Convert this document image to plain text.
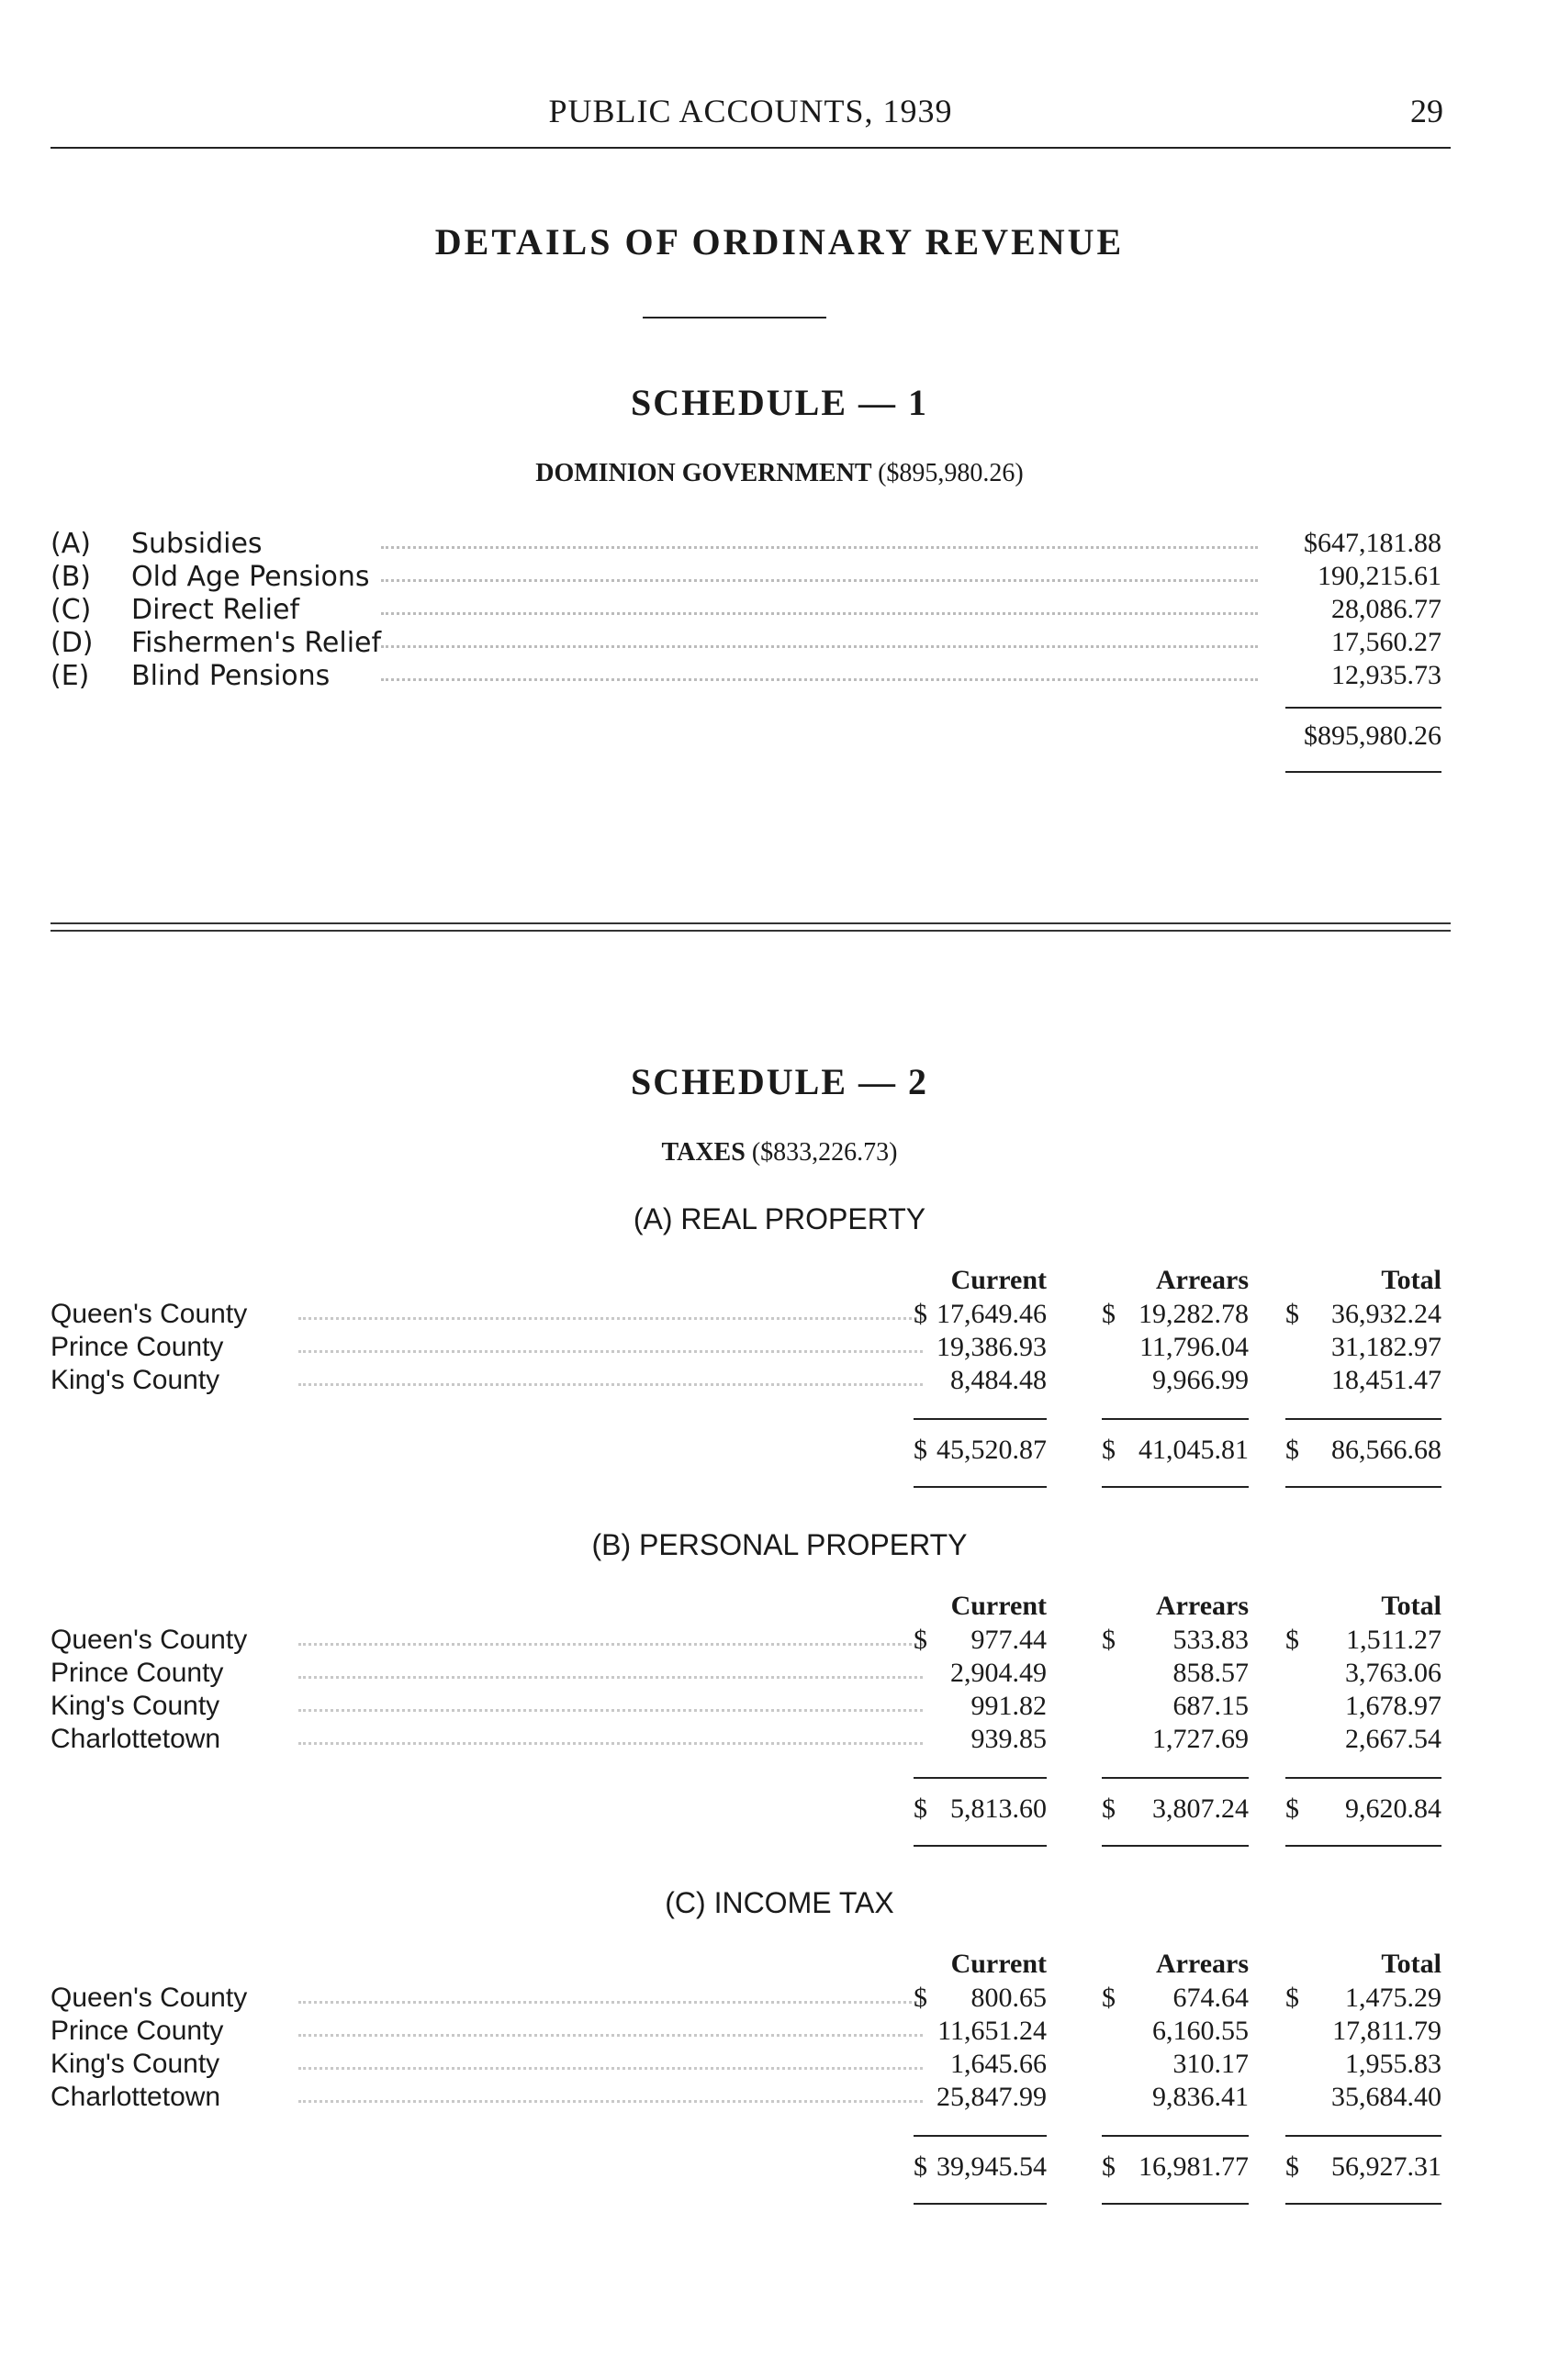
PUBLIC ACCOUNTS, 1939	29
DETAILS OF ORDINARY REVENUE
SCHEDULE — 1
DOMINION GOVERNMENT ($895,980.26)
(A)	Subsidies	$647,181.88
(B)	Old Age Pensions	190,215.61
(C)	Direct Relief	28,086.77
(D)	Fishermen's Relief	17,560.27
(E)	Blind Pensions	12,935.73
$895,980.26
SCHEDULE — 2
TAXES ($833,226.73)
(A) REAL PROPERTY
Current	Arrears	Total
Queen's County	17,649.46	19,282.78	36,932.24
$	$	$
Prince County	19,386.93	11,796.04	31,182.97
King's County	8,484.48	9,966.99	18,451.47
45,520.87	41,045.81	86,566.68
$	$	$
(B) PERSONAL PROPERTY
Current	Arrears	Total
Queen's County	977.44	533.83	1,511.27
$	$	$
Prince County	2,904.49	858.57	3,763.06
King's County	991.82	687.15	1,678.97
Charlottetown	939.85	1,727.69	2,667.54
5,813.60	3,807.24	9,620.84
$	$	$
(C) INCOME TAX
Current	Arrears	Total
Queen's County	800.65	674.64	1,475.29
$	$	$
Prince County	11,651.24	6,160.55	17,811.79
King's County	1,645.66	310.17	1,955.83
Charlottetown	25,847.99	9,836.41	35,684.40
39,945.54	16,981.77	56,927.31
$	$	$
